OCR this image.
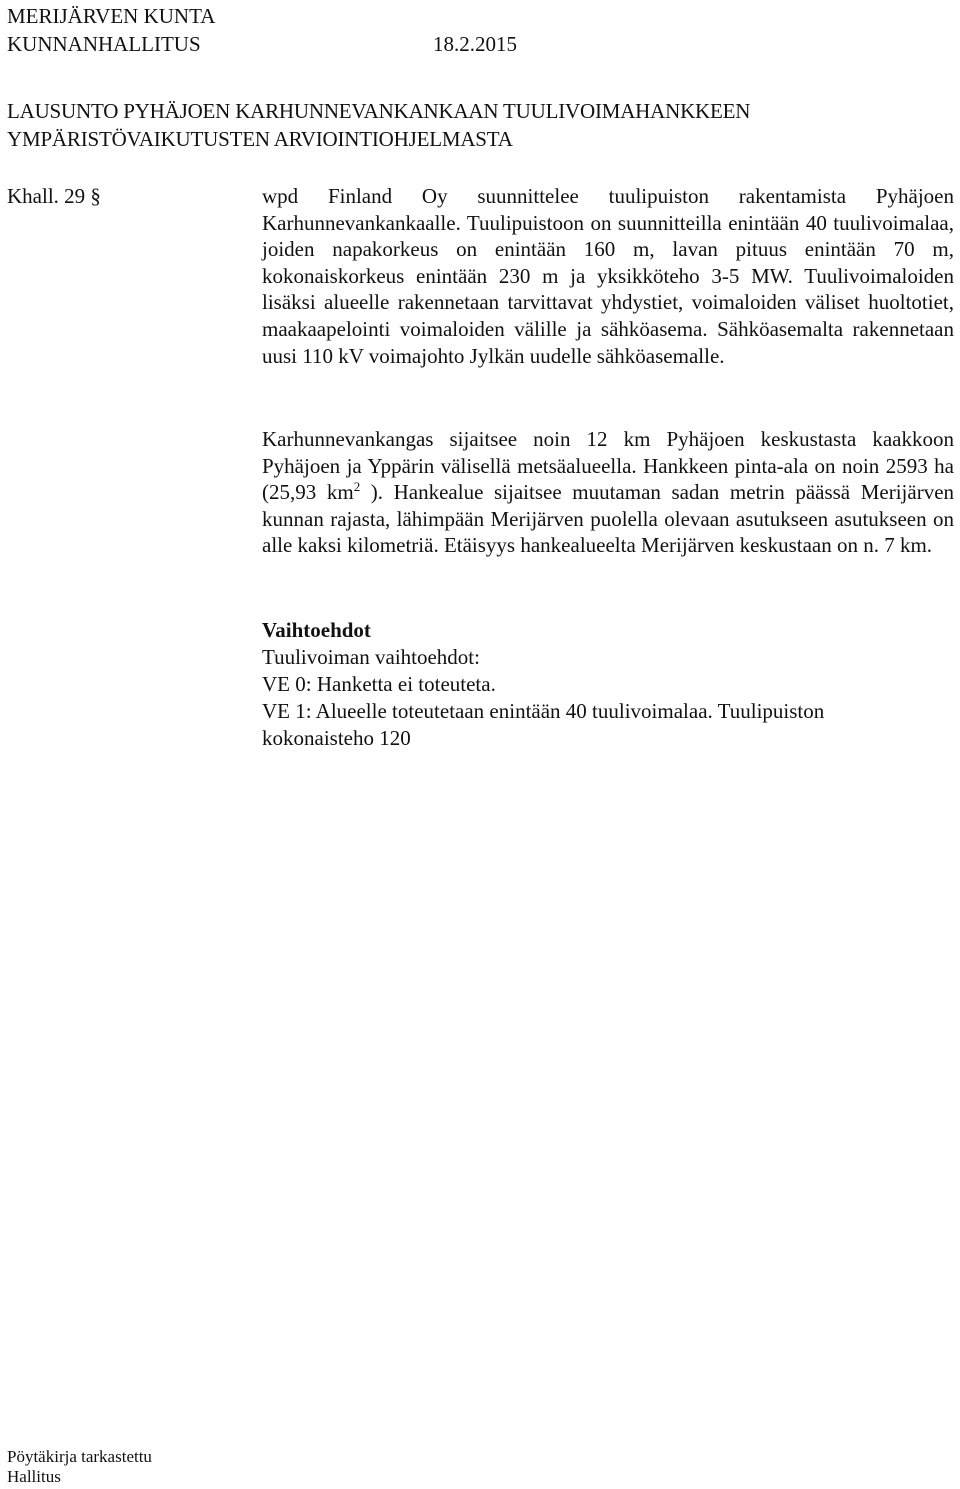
MERIJÄRVEN KUNTA
KUNNANHALLITUS	18.2.2015
LAUSUNTO PYHÄJOEN KARHUNNEVANKANKAAN TUULIVOIMAHANKKEEN
YMPÄRISTÖVAIKUTUSTEN ARVIOINTIOHJELMASTA
Khall. 29 §	wpd Finland Oy suunnittelee tuulipuiston rakentamista Pyhäjoen Karhunnevankankaalle. Tuulipuistoon on suunnitteilla enintään 40 tuulivoimalaa, joiden napakorkeus on enintään 160 m, lavan pituus enintään 70 m, kokonaiskorkeus enintään 230 m ja yksikköteho 3-5 MW. Tuulivoimaloiden lisäksi alueelle rakennetaan tarvittavat yhdystiet, voimaloiden väliset huoltotiet, maakaapelointi voimaloiden välille ja sähköasema. Sähköasemalta rakennetaan uusi 110 kV voimajohto Jylkän uudelle sähköasemalle.

Karhunnevankangas sijaitsee noin 12 km Pyhäjoen keskustasta kaakkoon Pyhäjoen ja Yppärin välisellä metsäalueella. Hankkeen pinta-ala on noin 2593 ha (25,93 $km^2$ ). Hankealue sijaitsee muutaman sadan metrin päässä Merijärven kunnan rajasta, lähimpään Merijärven puolella olevaan asutukseen asutukseen on alle kaksi kilometriä. Etäisyys hankealueelta Merijärven keskustaan on n. 7 km.

Vaihtoehdot
Tuulivoiman vaihtoehdot:
VE 0: Hanketta ei toteuteta.
VE 1: Alueelle toteutetaan enintään 40 tuulivoimalaa. Tuulipuiston kokonaisteho 120
Pöytäkirja tarkastettu
Hallitus
